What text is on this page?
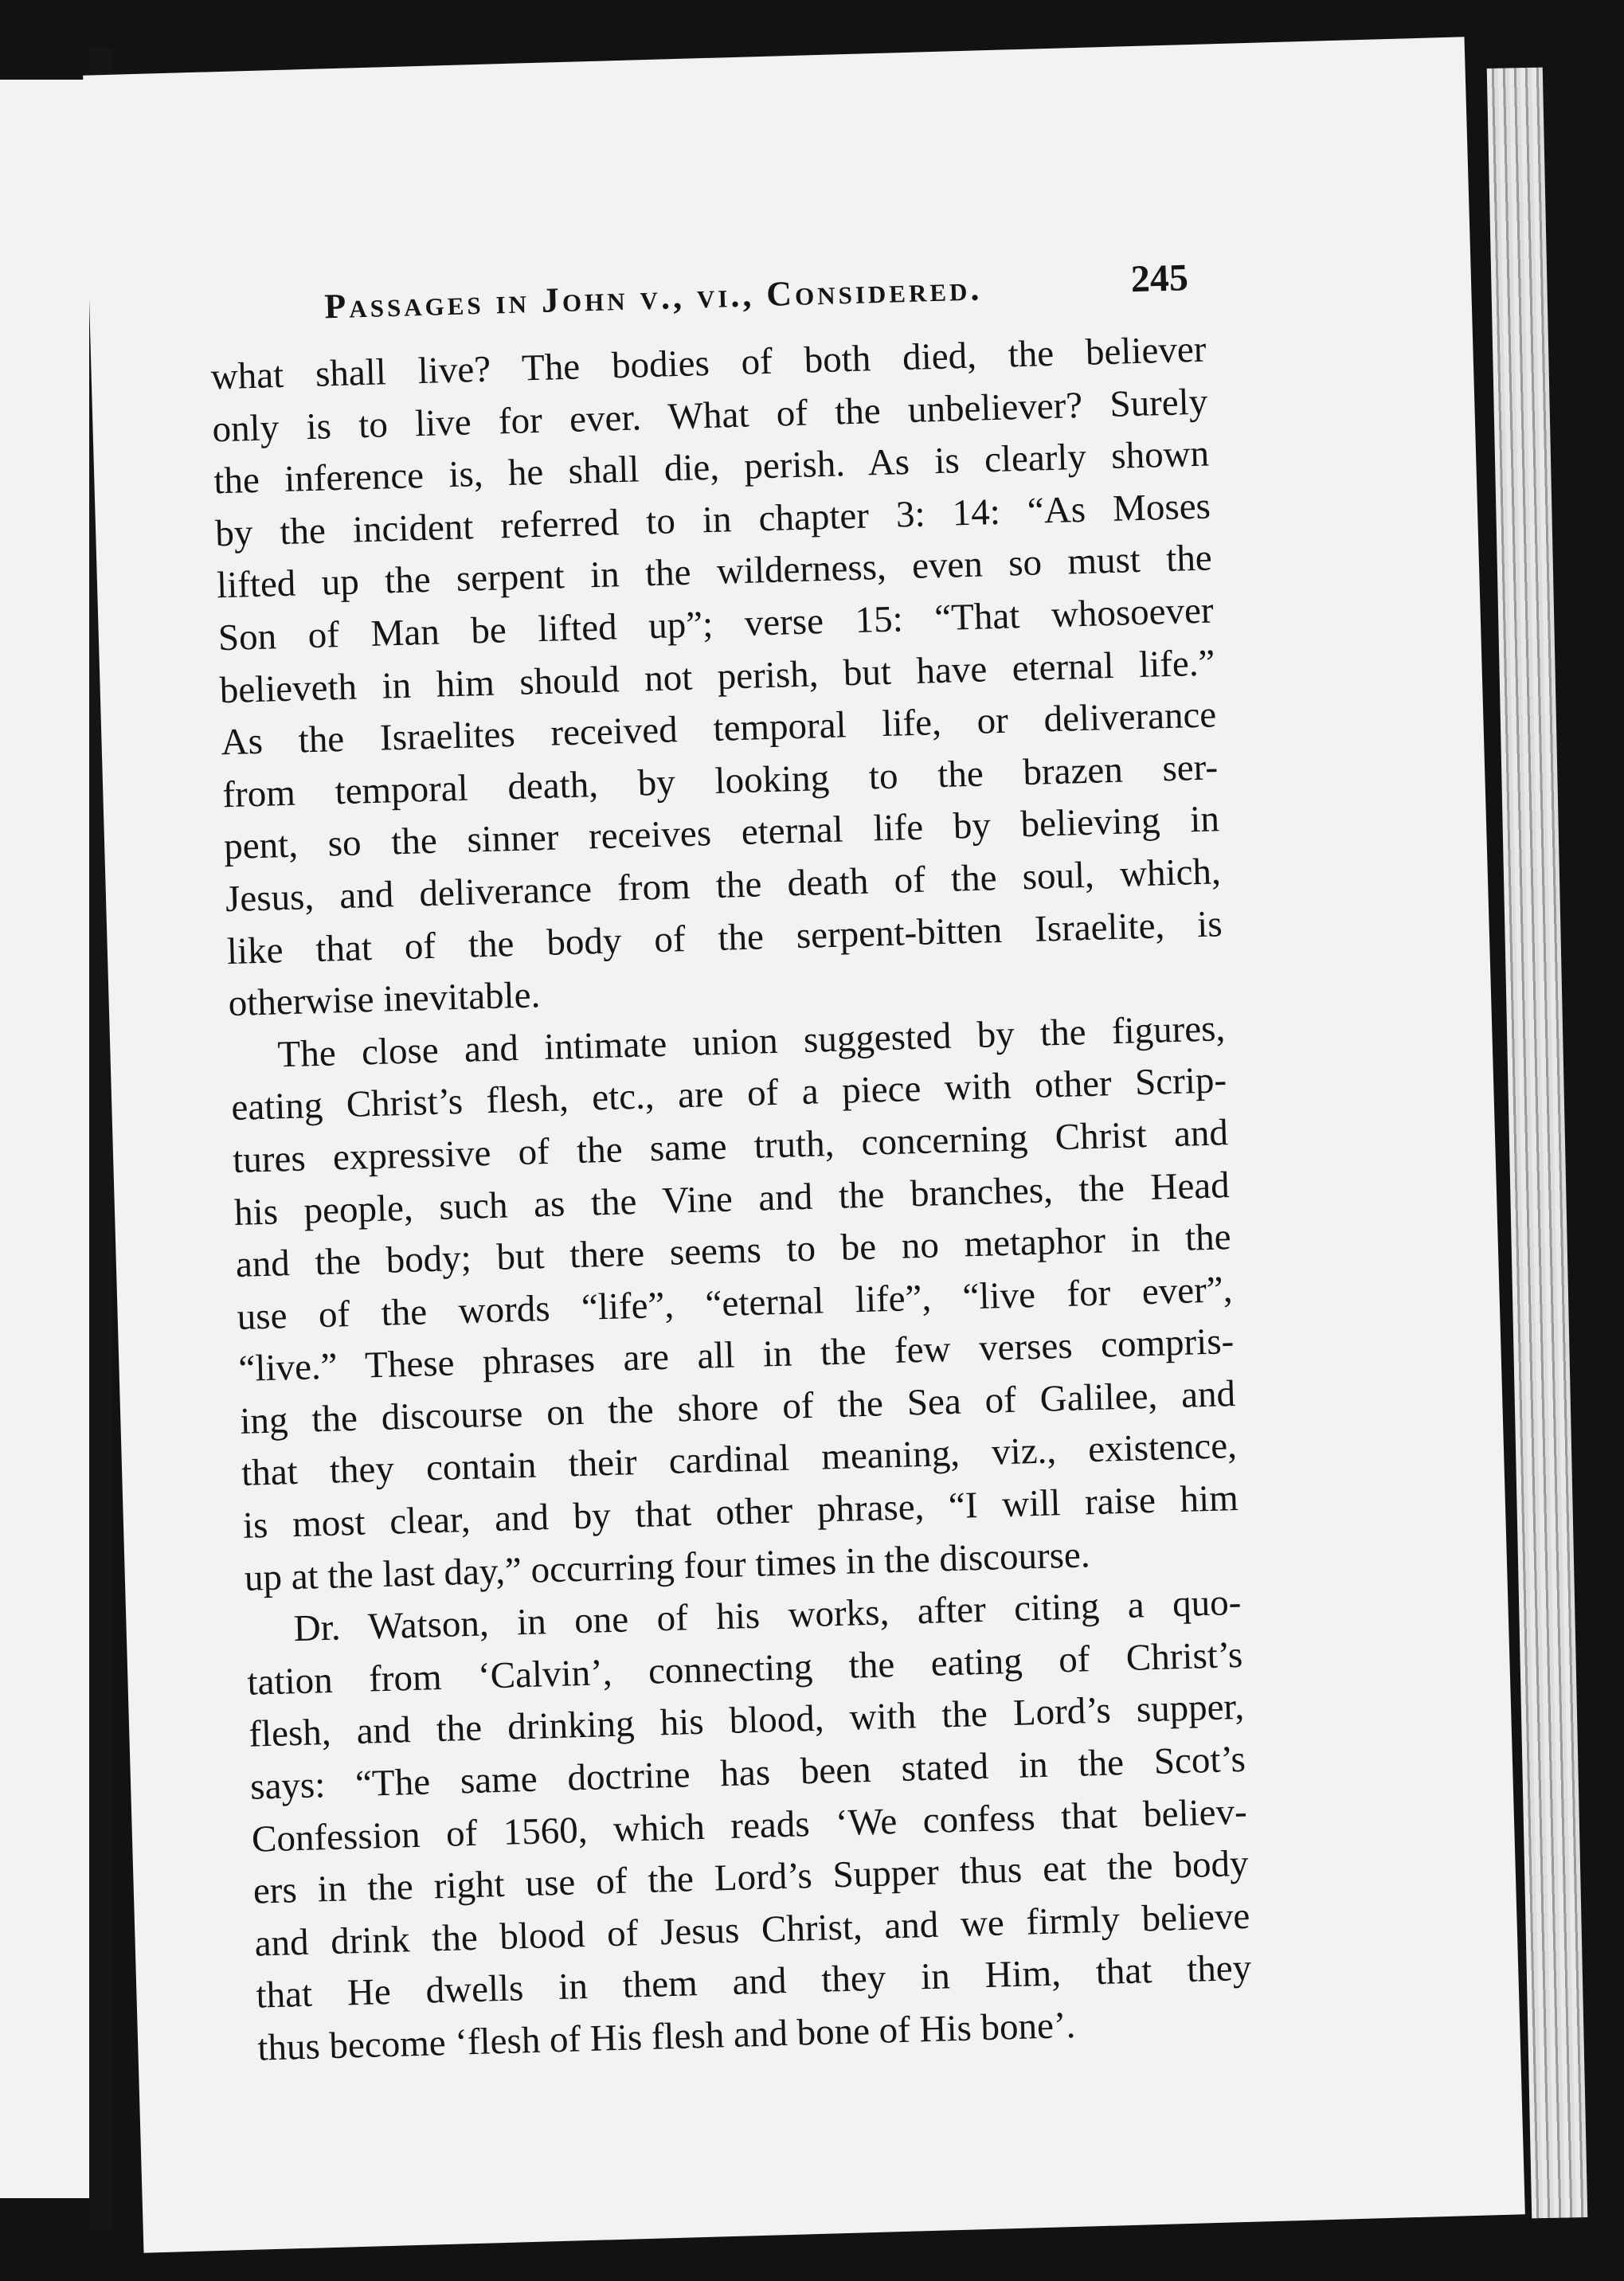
Passages in John v., vi., Considered.	245

what shall live? The bodies of both died, the believer
only is to live for ever. What of the unbeliever? Surely
the inference is, he shall die, perish. As is clearly shown
by the incident referred to in chapter 3: 14: “As Moses
lifted up the serpent in the wilderness, even so must the
Son of Man be lifted up”; verse 15: “That whosoever
believeth in him should not perish, but have eternal life.”
As the Israelites received temporal life, or deliverance
from temporal death, by looking to the brazen ser-
pent, so the sinner receives eternal life by believing in
Jesus, and deliverance from the death of the soul, which,
like that of the body of the serpent-bitten Israelite, is
otherwise inevitable.

The close and intimate union suggested by the figures,
eating Christ’s flesh, etc., are of a piece with other Scrip-
tures expressive of the same truth, concerning Christ and
his people, such as the Vine and the branches, the Head
and the body; but there seems to be no metaphor in the
use of the words “life”, “eternal life”, “live for ever”,
“live.” These phrases are all in the few verses compris-
ing the discourse on the shore of the Sea of Galilee, and
that they contain their cardinal meaning, viz., existence,
is most clear, and by that other phrase, “I will raise him
up at the last day,” occurring four times in the discourse.

Dr. Watson, in one of his works, after citing a quo-
tation from ‘Calvin’, connecting the eating of Christ’s
flesh, and the drinking his blood, with the Lord’s supper,
says: “The same doctrine has been stated in the Scot’s
Confession of 1560, which reads ‘We confess that believ-
ers in the right use of the Lord’s Supper thus eat the body
and drink the blood of Jesus Christ, and we firmly believe
that He dwells in them and they in Him, that they
thus become ‘flesh of His flesh and bone of His bone’.
